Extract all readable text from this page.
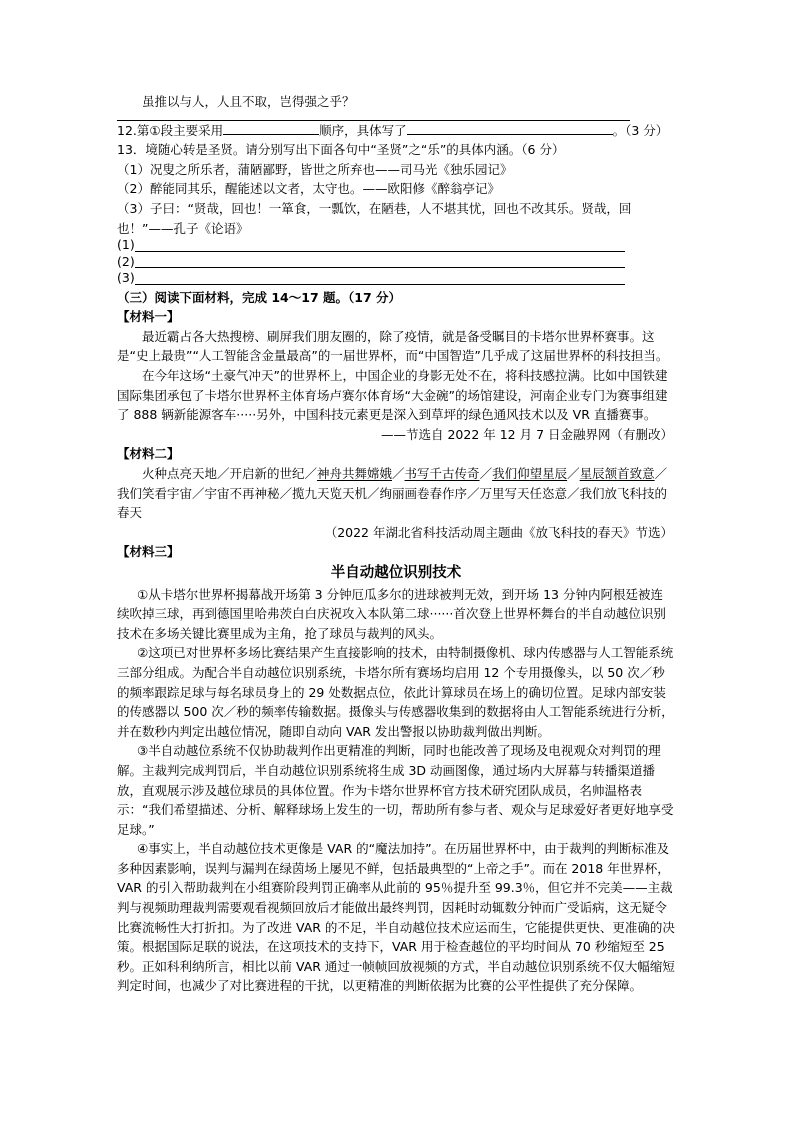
虽推以与人，人且不取，岂得强之乎？

12.第①段主要采用	顺序，具体写了	。（3 分）

13．境随心转是圣贤。请分别写出下面各句中“圣贤”之“乐”的具体内涵。（6 分）

（1）况叟之所乐者，蒲陋鄙野，皆世之所弃也——司马光《独乐园记》

（2）醉能同其乐，醒能述以文者，太守也。——欧阳修《醉翁亭记》

（3）子曰：“贤哉，回也！一箪食，一瓢饮，在陋巷，人不堪其忧，回也不改其乐。贤哉，回也！”——孔子《论语》

(1)
(2)
(3)

（三）阅读下面材料，完成 14～17 题。（17 分）

【材料一】

最近霸占各大热搜榜、刷屏我们朋友圈的，除了疫情，就是备受瞩目的卡塔尔世界杯赛事。这是“史上最贵”“人工智能含金量最高”的一届世界杯，而“中国智造”几乎成了这届世界杯的科技担当。

在今年这场“土豪气冲天”的世界杯上，中国企业的身影无处不在，将科技感拉满。比如中国铁建国际集团承包了卡塔尔世界杯主体育场卢赛尔体育场“大金碗”的场馆建设，河南企业专门为赛事组建了 888 辆新能源客车·····另外，中国科技元素更是深入到草坪的绿色通风技术以及 VR 直播赛事。

——节选自 2022 年 12 月 7 日金融界网（有删改）

【材料二】

火种点亮天地／开启新的世纪／神舟共舞嫦娥／书写千古传奇／我们仰望星辰／星辰颔首致意／我们笑看宇宙／宇宙不再神秘／揽九天览天机／绚丽画卷春作序／万里写天任恣意／我们放飞科技的春天

（2022 年湖北省科技活动周主题曲《放飞科技的春天》节选）

【材料三】

半自动越位识别技术

①从卡塔尔世界杯揭幕战开场第 3 分钟厄瓜多尔的进球被判无效，到开场 13 分钟内阿根廷被连续吹掉三球，再到德国里哈弗茨白白庆祝攻入本队第二球······首次登上世界杯舞台的半自动越位识别技术在多场关键比赛里成为主角，抢了球员与裁判的风头。

②这项已对世界杯多场比赛结果产生直接影响的技术，由特制摄像机、球内传感器与人工智能系统三部分组成。为配合半自动越位识别系统，卡塔尔所有赛场均启用 12 个专用摄像头，以 50 次／秒的频率跟踪足球与每名球员身上的 29 处数据点位，依此计算球员在场上的确切位置。足球内部安装的传感器以 500 次／秒的频率传输数据。摄像头与传感器收集到的数据将由人工智能系统进行分析，并在数秒内判定出越位情况，随即自动向 VAR 发出警报以协助裁判做出判断。

③半自动越位系统不仅协助裁判作出更精准的判断，同时也能改善了现场及电视观众对判罚的理解。主裁判完成判罚后，半自动越位识别系统将生成 3D 动画图像，通过场内大屏幕与转播渠道播放，直观展示涉及越位球员的具体位置。作为卡塔尔世界杯官方技术研究团队成员，名帅温格表示：“我们希望描述、分析、解释球场上发生的一切，帮助所有参与者、观众与足球爱好者更好地享受足球。”

④事实上，半自动越位技术更像是 VAR 的“魔法加持”。在历届世界杯中，由于裁判的判断标准及多种因素影响，误判与漏判在绿茵场上屡见不鲜，包括最典型的“上帝之手”。而在 2018 年世界杯，VAR 的引入帮助裁判在小组赛阶段判罚正确率从此前的 95％提升至 99.3％，但它并不完美——主裁判与视频助理裁判需要观看视频回放后才能做出最终判罚，因耗时动辄数分钟而广受诟病，这无疑令比赛流畅性大打折扣。为了改进 VAR 的不足，半自动越位技术应运而生，它能提供更快、更准确的决策。根据国际足联的说法，在这项技术的支持下，VAR 用于检查越位的平均时间从 70 秒缩短至 25 秒。正如科利纳所言，相比以前 VAR 通过一帧帧回放视频的方式，半自动越位识别系统不仅大幅缩短判定时间，也减少了对比赛进程的干扰，以更精准的判断依据为比赛的公平性提供了充分保障。
